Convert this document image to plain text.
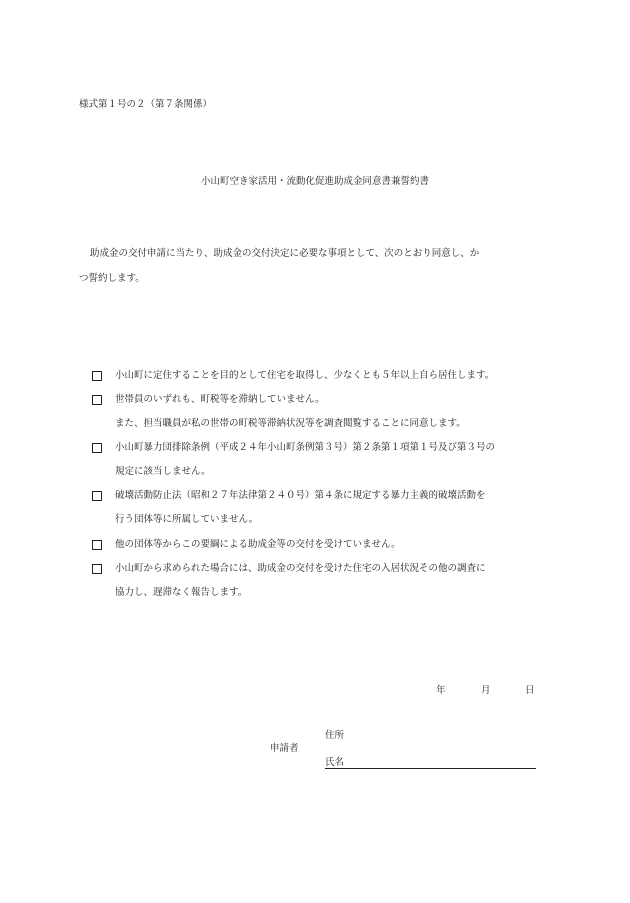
様式第１号の２（第７条関係）
小山町空き家活用・流動化促進助成金同意書兼誓約書
助成金の交付申請に当たり、助成金の交付決定に必要な事項として、次のとおり同意し、か
つ誓約します。
小山町に定住することを目的として住宅を取得し、少なくとも５年以上自ら居住します。
世帯員のいずれも、町税等を滞納していません。
また、担当職員が私の世帯の町税等滞納状況等を調査閲覧することに同意します。
小山町暴力団排除条例（平成２４年小山町条例第３号）第２条第１項第１号及び第３号の
規定に該当しません。
破壊活動防止法（昭和２７年法律第２４０号）第４条に規定する暴力主義的破壊活動を
行う団体等に所属していません。
他の団体等からこの要綱による助成金等の交付を受けていません。
小山町から求められた場合には、助成金の交付を受けた住宅の入居状況その他の調査に
協力し、遅滞なく報告します。
年	月	日
住所
申請者
氏名
